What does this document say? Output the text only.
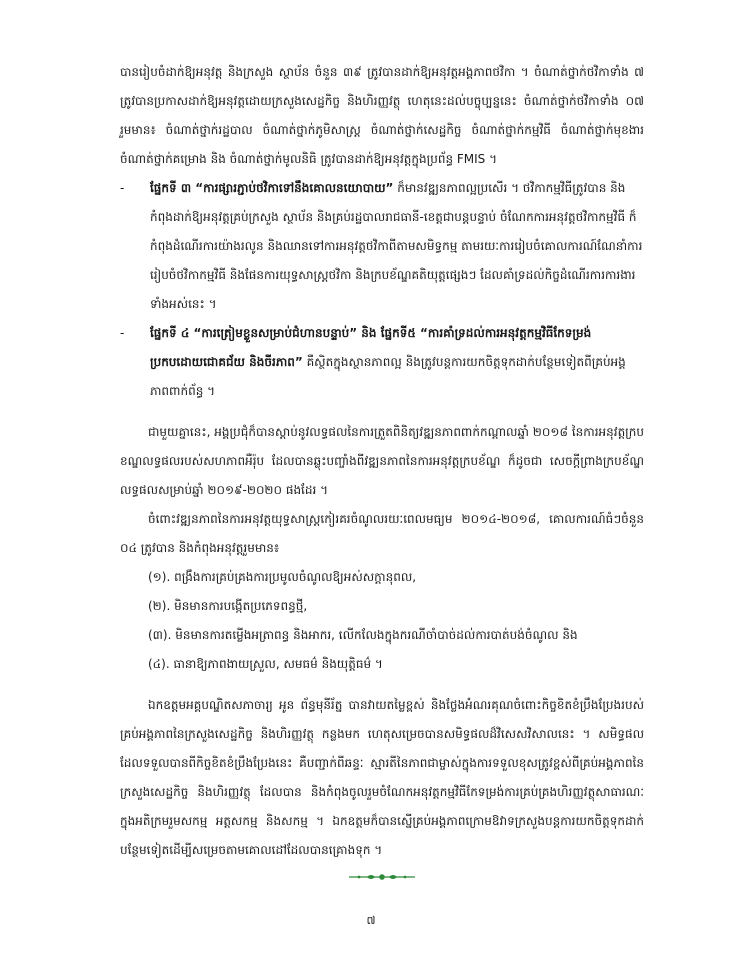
បានរៀបចំដាក់ឱ្យអនុវត្ត និងក្រសួង ស្ថាប័ន ចំនួន ៣៩ ត្រូវបានដាក់ឱ្យអនុវត្តអង្គភាពថវិកា ។ ចំណាត់ថ្នាក់ថវិកាទាំង ៧ ត្រូវបានប្រកាសដាក់ឱ្យអនុវត្តដោយក្រសួងសេដ្ឋកិច្ច និងហិរញ្ញវត្ថុ ហេតុនេះដល់បច្ចុប្បន្ននេះ ចំណាត់ថ្នាក់ថវិកាទាំង ០៧ រួមមាន៖ ចំណាត់ថ្នាក់រដ្ឋបាល ចំណាត់ថ្នាក់ភូមិសាស្ត្រ ចំណាត់ថ្នាក់សេដ្ឋកិច្ច ចំណាត់ថ្នាក់កម្មវិធី ចំណាត់ថ្នាក់មុខងារ ចំណាត់ថ្នាក់គម្រោង និង ចំណាត់ថ្នាក់មូលនិធិ ត្រូវបានដាក់ឱ្យអនុវត្តក្នុងប្រព័ន្ធ FMIS ។

- ផ្នែកទី ៣ “ការផ្សារភ្ជាប់ថវិកាទៅនឹងគោលនយោបាយ” ក៏មានវឌ្ឍនភាពល្អប្រសើរ ។ ថវិកាកម្មវិធីត្រូវបាន និងកំពុងដាក់ឱ្យអនុវត្តគ្រប់ក្រសួង ស្ថាប័ន និងគ្រប់រដ្ឋបាលរាជធានី-ខេត្តជាបន្តបន្ទាប់ ចំណែកការអនុវត្តថវិកាកម្មវិធី ក៏កំពុងដំណើរការយ៉ាងរលូន និងឈានទៅការអនុវត្តថវិកាពីតាមសមិទ្ធកម្ម តាមរយៈការរៀបចំគោលការណ៍ណែនាំការរៀបចំថវិកាកម្មវិធី និងផែនការយុទ្ធសាស្ត្រថវិកា និងក្របខ័ណ្ឌគតិយុត្តផ្សេងៗ ដែលគាំទ្រដល់កិច្ចដំណើរការការងារទាំងអស់នេះ ។
- ផ្នែកទី ៤ “ការត្រៀមខ្លួនសម្រាប់ជំហានបន្ទាប់” និង ផ្នែកទី៥ “ការគាំទ្រដល់ការអនុវត្តកម្មវិធីកែទម្រង់ប្រកបដោយជោគជ័យ និងចីរភាព” គឺស្ថិតក្នុងស្ថានភាពល្អ និងត្រូវបន្តការយកចិត្តទុកដាក់បន្ថែមទៀតពីគ្រប់អង្គភាពពាក់ព័ន្ធ ។

ជាមួយគ្នានេះ, អង្គប្រជុំក៏បានស្តាប់នូវលទ្ធផលនៃការត្រួតពិនិត្យវឌ្ឍនភាពពាក់កណ្តាលឆ្នាំ ២០១៨ នៃការអនុវត្តក្របខណ្ឌលទ្ធផលរបស់សហភាពអឺរ៉ុប ដែលបានឆ្លុះបញ្ចាំងពីវឌ្ឍនភាពនៃការអនុវត្តក្របខ័ណ្ឌ ក៏ដូចជា សេចក្តីព្រាងក្របខ័ណ្ឌលទ្ធផលសម្រាប់ឆ្នាំ ២០១៩-២០២០ ផងដែរ ។

ចំពោះវឌ្ឍនភាពនៃការអនុវត្តយុទ្ធសាស្ត្រកៀរគរចំណូលរយៈពេលមធ្យម ២០១៤-២០១៨, គោលការណ៍ធំៗចំនួន ០៤ ត្រូវបាន និងកំពុងអនុវត្តរួមមាន៖

(១). ពង្រឹងការគ្រប់គ្រងការប្រមូលចំណូលឱ្យអស់សក្តានុពល,
(២). មិនមានការបង្កើតប្រភេទពន្ធថ្មី,
(៣). មិនមានការតម្លើងអត្រាពន្ធ និងអាករ, លើកលែងក្នុងករណីចាំបាច់ដល់ការបាត់បង់ចំណូល និង
(៤). ធានាឱ្យភាពងាយស្រួល, សមធម៌ និងយុត្តិធម៌ ។

ឯកឧត្តមអគ្គបណ្ឌិតសភាចារ្យ អូន ព័ន្ធមុនីរ័ត្ន បានវាយតម្លៃខ្ពស់ និងថ្លែងអំណរគុណចំពោះកិច្ចខិតខំប្រឹងប្រែងរបស់គ្រប់អង្គភាពនៃក្រសួងសេដ្ឋកិច្ច និងហិរញ្ញវត្ថុ កន្លងមក ហេតុសម្រេចបានសមិទ្ធផលដ៏វិសេសវិសាលនេះ ។ សមិទ្ធផលដែលទទួលបានពីកិច្ចខិតខំប្រឹងប្រែងនេះ គឺបញ្ជាក់ពីឆន្ទៈ ស្មារតីនៃភាពជាម្ចាស់ក្នុងការទទួលខុសត្រូវខ្ពស់ពីគ្រប់អង្គភាពនៃក្រសួងសេដ្ឋកិច្ច និងហិរញ្ញវត្ថុ ដែលបាន និងកំពុងចូលរួមចំណែកអនុវត្តកម្មវិធីកែទម្រង់ការគ្រប់គ្រងហិរញ្ញវត្ថុសាធារណៈក្នុងអតិក្រមរួមសកម្ម អត្តសកម្ម និងសកម្ម ។ ឯកឧត្តមក៏បានស្នើគ្រប់អង្គភាពក្រោមឱវាទក្រសួងបន្តការយកចិត្តទុកដាក់បន្ថែមទៀតដើម្បីសម្រេចតាមគោលដៅដែលបានគ្រោងទុក ។

៧
